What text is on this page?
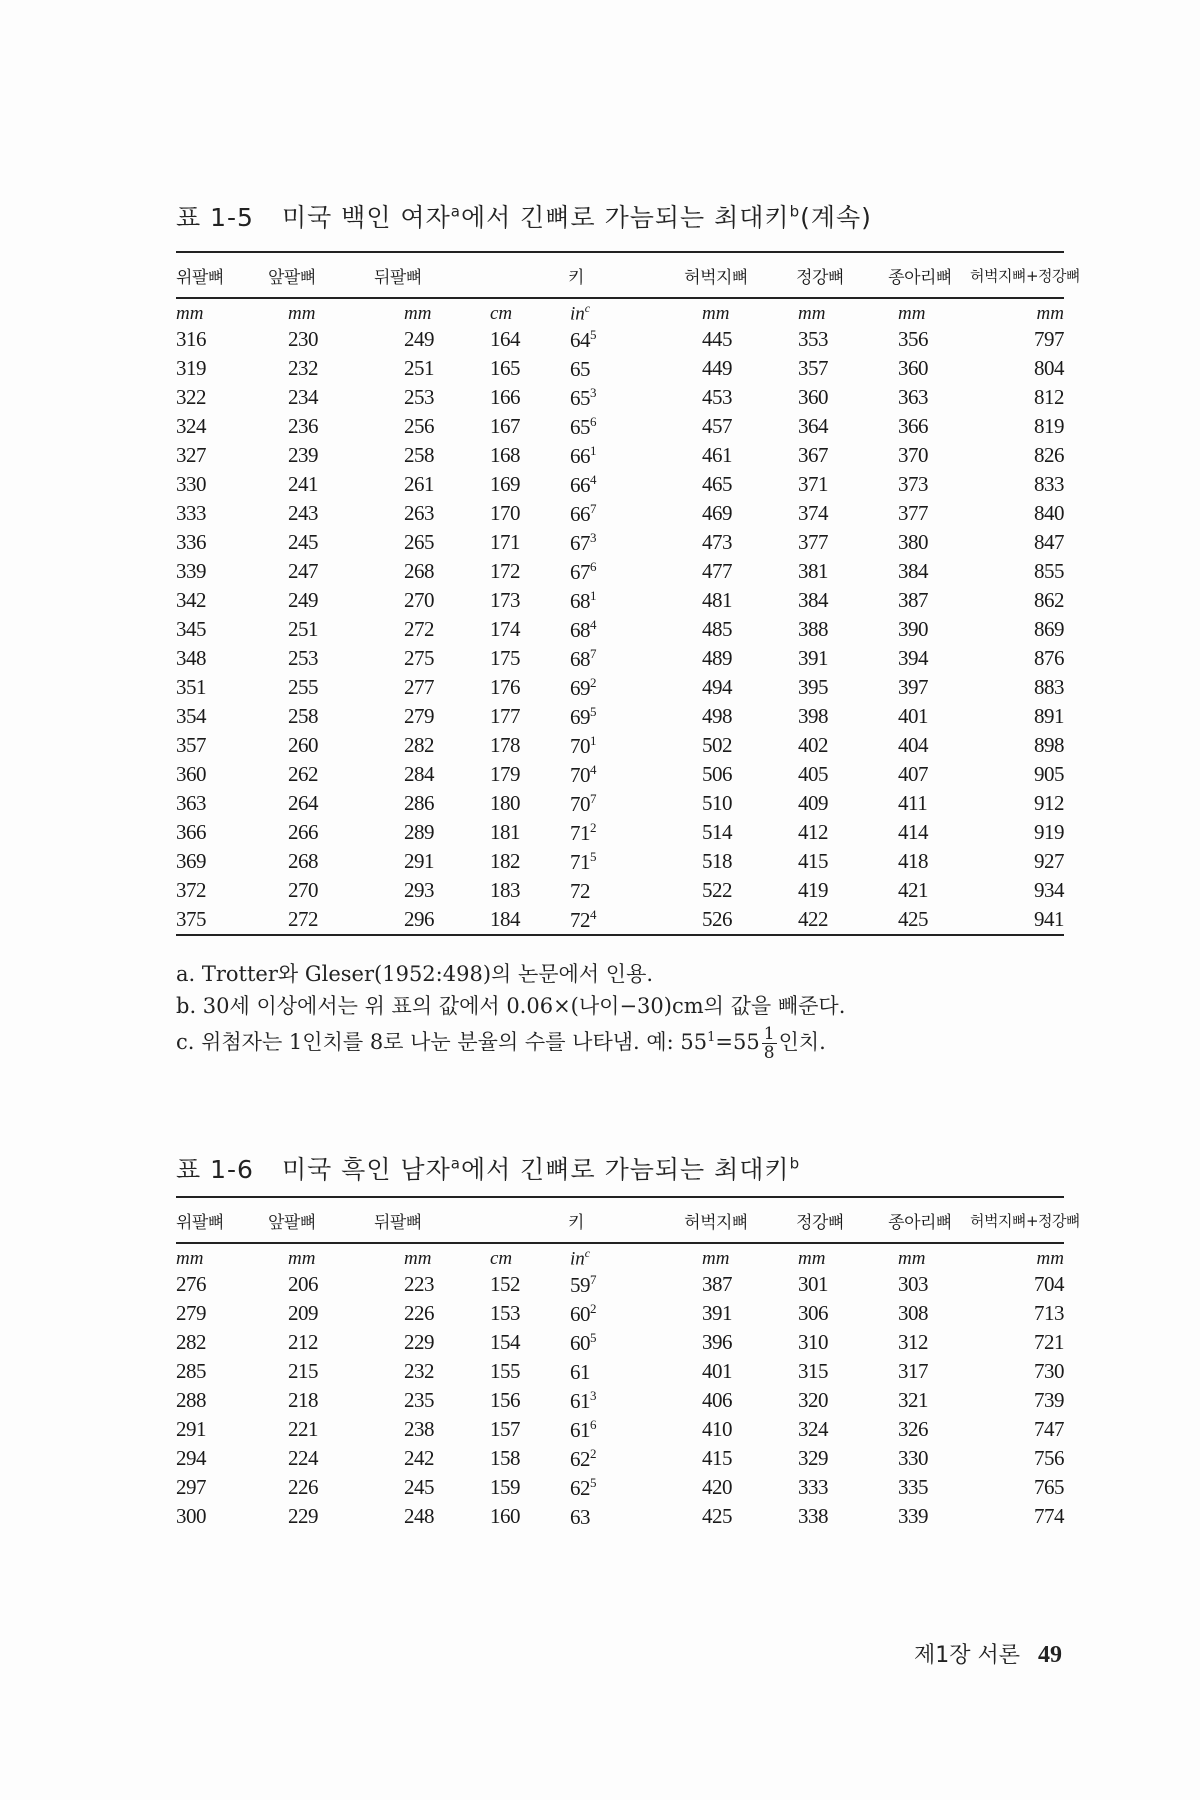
표 1-5 미국 백인 여자$^a$에서 긴뼈로 가늠되는 최대키$^b$(계속)
위팔뼈	앞팔뼈	뒤팔뼈	키		허벅지뼈	정강뼈	종아리뼈	허벅지뼈+정강뼈
mm	mm	mm	cm	$in^c$	mm	mm	mm	mm
316	230	249	164	$64^5$	445	353	356	797
319	232	251	165	65	449	357	360	804
322	234	253	166	$65^3$	453	360	363	812
324	236	256	167	$65^6$	457	364	366	819
327	239	258	168	$66^1$	461	367	370	826
330	241	261	169	$66^4$	465	371	373	833
333	243	263	170	$66^7$	469	374	377	840
336	245	265	171	$67^3$	473	377	380	847
339	247	268	172	$67^6$	477	381	384	855
342	249	270	173	$68^1$	481	384	387	862
345	251	272	174	$68^4$	485	388	390	869
348	253	275	175	$68^7$	489	391	394	876
351	255	277	176	$69^2$	494	395	397	883
354	258	279	177	$69^5$	498	398	401	891
357	260	282	178	$70^1$	502	402	404	898
360	262	284	179	$70^4$	506	405	407	905
363	264	286	180	$70^7$	510	409	411	912
366	266	289	181	$71^2$	514	412	414	919
369	268	291	182	$71^5$	518	415	418	927
372	270	293	183	72	522	419	421	934
375	272	296	184	$72^4$	526	422	425	941

a. Trotter와 Gleser(1952:498)의 논문에서 인용.
b. 30세 이상에서는 위 표의 값에서 0.06×(나이−30)cm의 값을 빼준다.
c. 위첨자는 1인치를 8로 나눈 분율의 수를 나타냄. 예: $55^1=55 \frac{1}{8}$ 인치.
표 1-6 미국 흑인 남자$^a$에서 긴뼈로 가늠되는 최대키$^b$
위팔뼈	앞팔뼈	뒤팔뼈	키		허벅지뼈	정강뼈	종아리뼈	허벅지뼈+정강뼈
mm	mm	mm	cm	$in^c$	mm	mm	mm	mm
276	206	223	152	$59^7$	387	301	303	704
279	209	226	153	$60^2$	391	306	308	713
282	212	229	154	$60^5$	396	310	312	721
285	215	232	155	61	401	315	317	730
288	218	235	156	$61^3$	406	320	321	739
291	221	238	157	$61^6$	410	324	326	747
294	224	242	158	$62^2$	415	329	330	756
297	226	245	159	$62^5$	420	333	335	765
300	229	248	160	63	425	338	339	774
제1장 서론 49
